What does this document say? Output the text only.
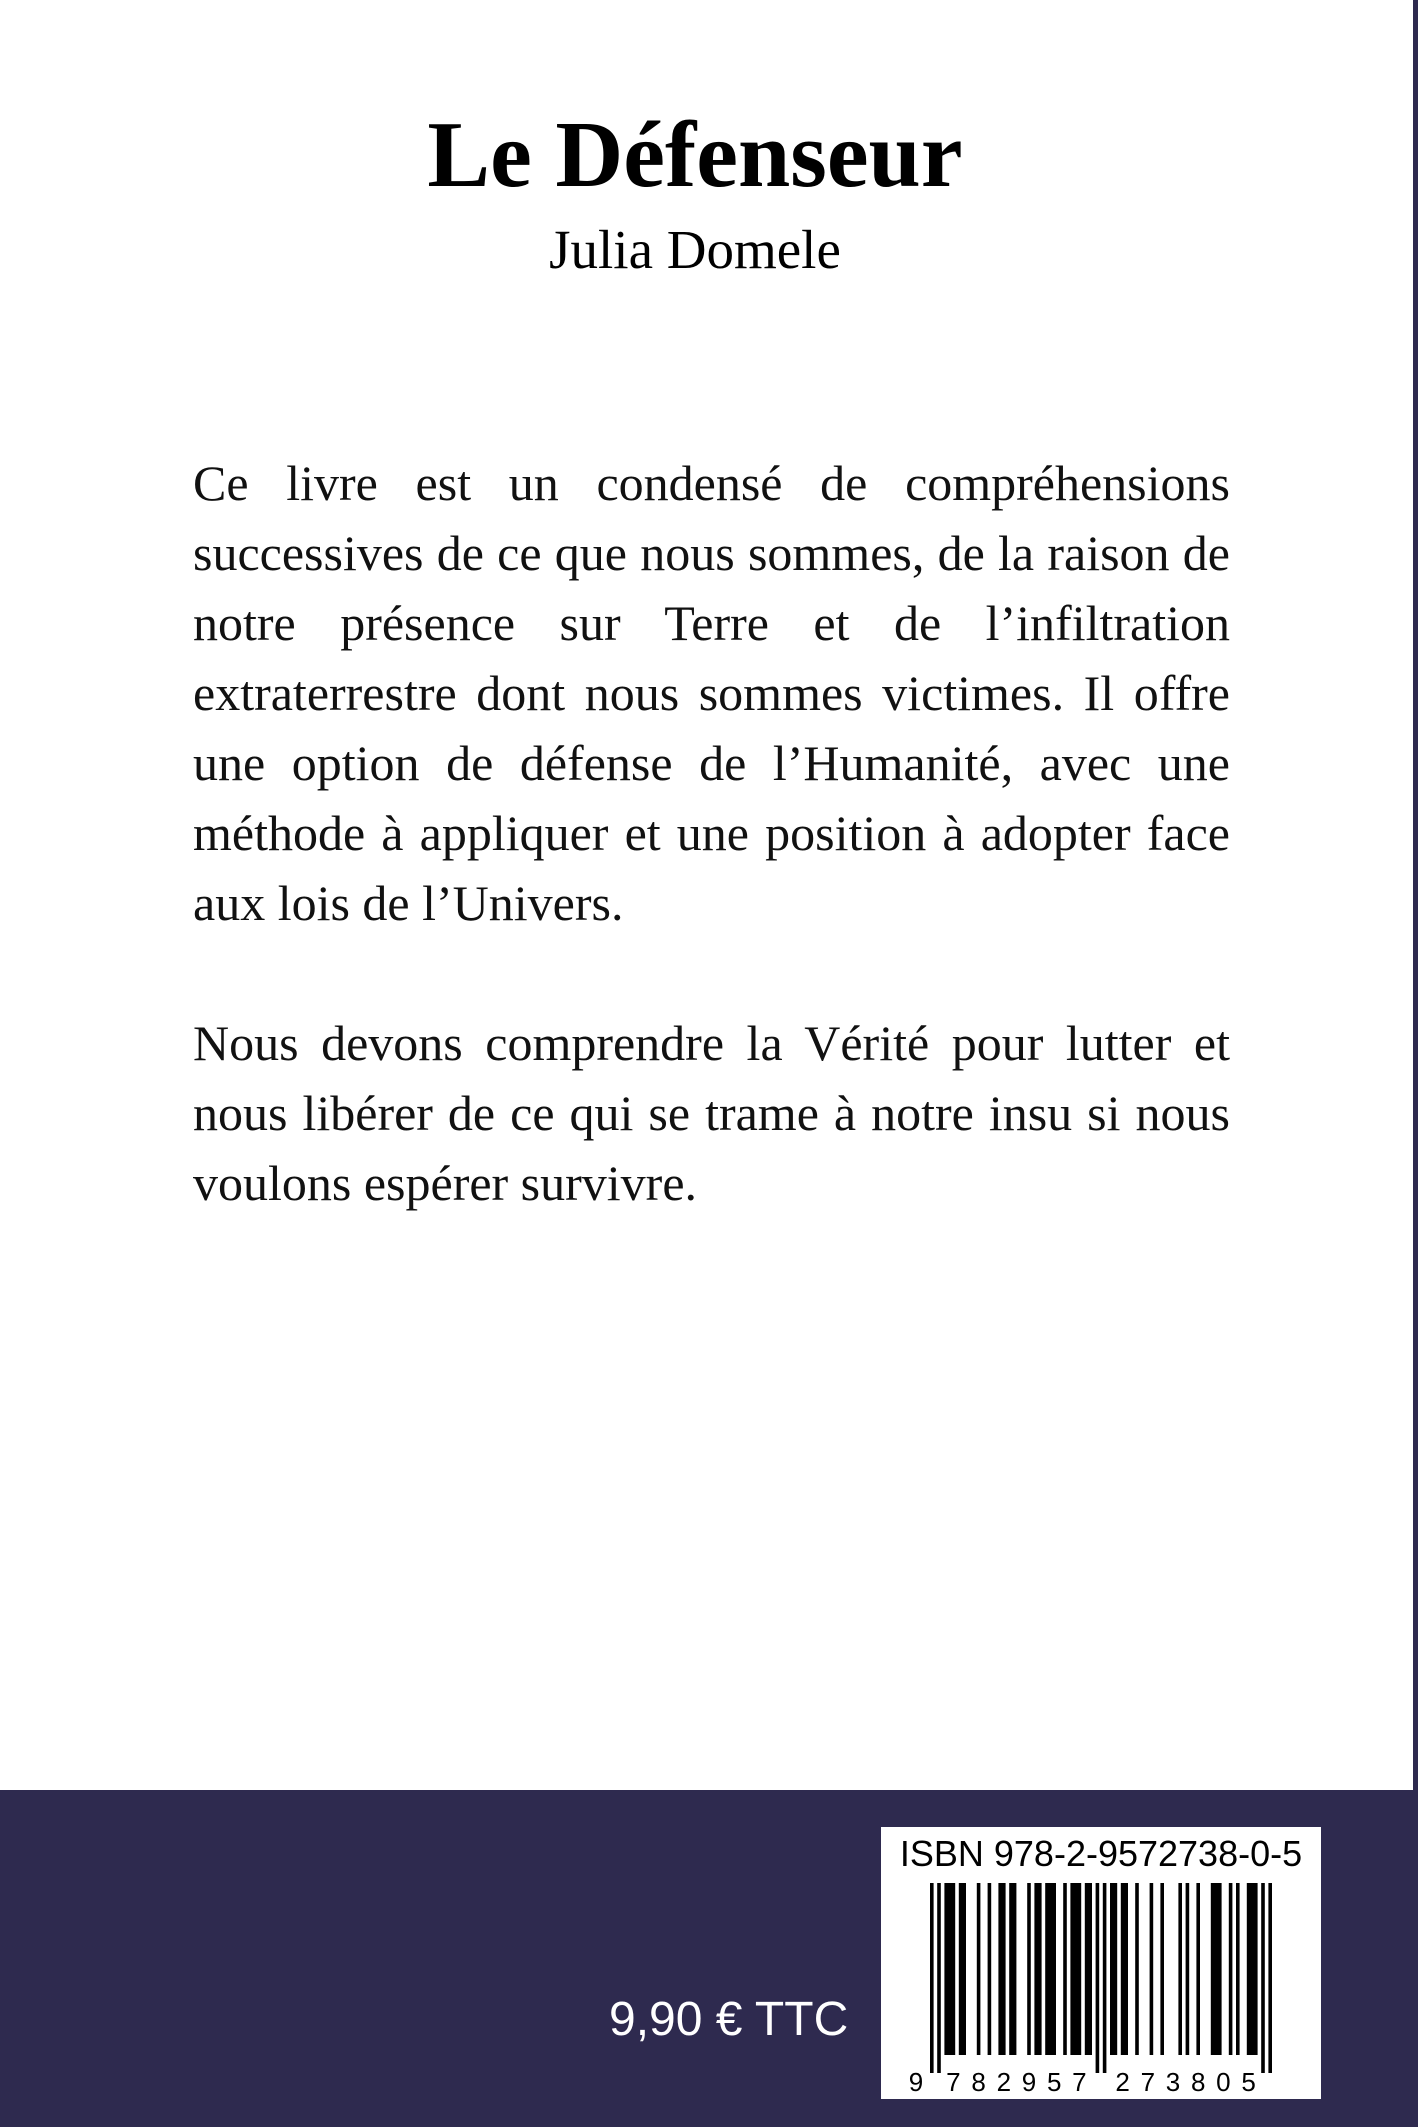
Le Défenseur
Julia Domele

Ce livre est un condensé de compréhensions successives de ce que nous sommes, de la raison de notre présence sur Terre et de l’infiltration extraterrestre dont nous sommes victimes. Il offre une option de défense de l’Humanité, avec une méthode à appliquer et une position à adopter face aux lois de l’Univers.

Nous devons comprendre la Vérité pour lutter et nous libérer de ce qui se trame à notre insu si nous voulons espérer survivre.

9,90 € TTC
ISBN 978-2-9572738-0-5
9 7 8 2 9 5 7 2 7 3 8 0 5
